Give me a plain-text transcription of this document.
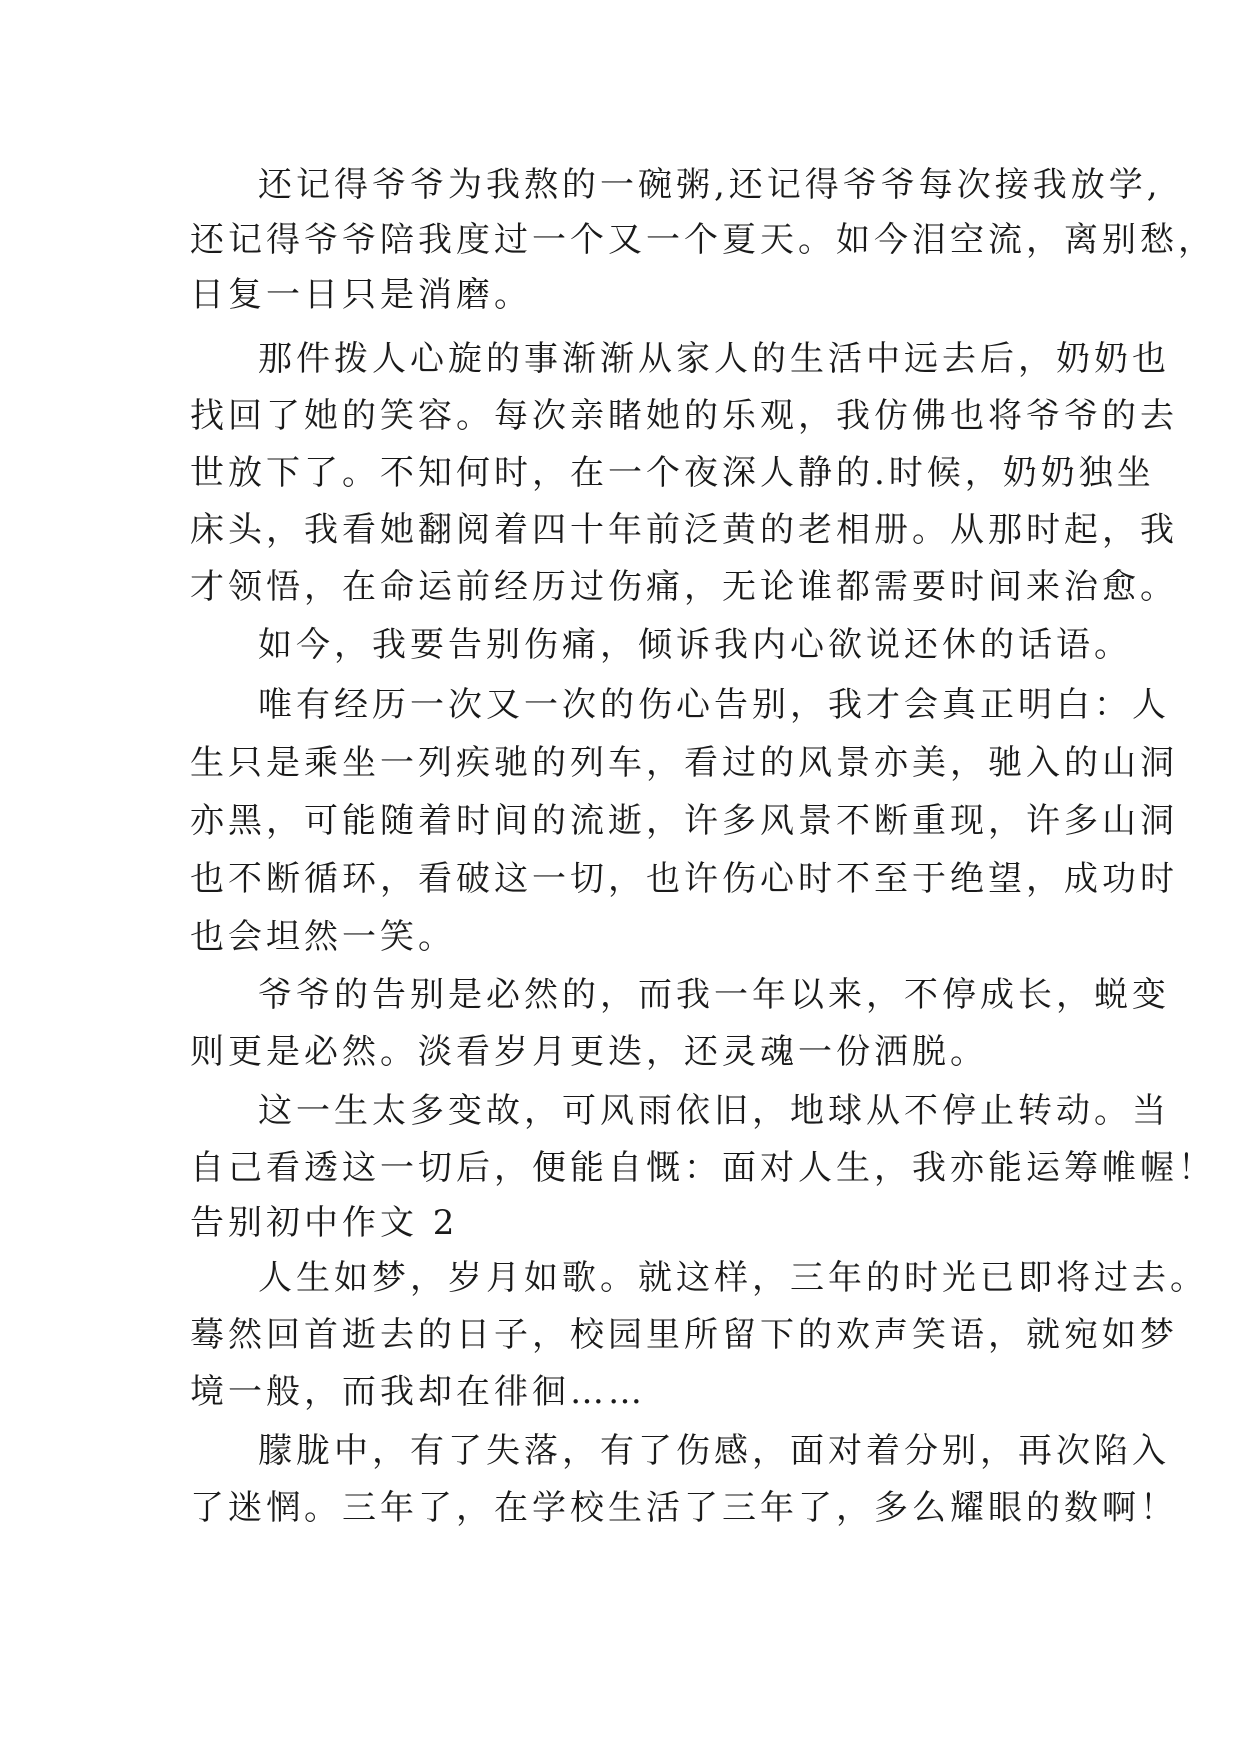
还记得爷爷为我熬的一碗粥,还记得爷爷每次接我放学,
还记得爷爷陪我度过一个又一个夏天。如今泪空流，离别愁，
日复一日只是消磨。
那件拨人心旋的事渐渐从家人的生活中远去后，奶奶也
找回了她的笑容。每次亲睹她的乐观，我仿佛也将爷爷的去
世放下了。不知何时，在一个夜深人静的.时候，奶奶独坐
床头，我看她翻阅着四十年前泛黄的老相册。从那时起，我
才领悟，在命运前经历过伤痛，无论谁都需要时间来治愈。
如今，我要告别伤痛，倾诉我内心欲说还休的话语。
唯有经历一次又一次的伤心告别，我才会真正明白：人
生只是乘坐一列疾驰的列车，看过的风景亦美，驰入的山洞
亦黑，可能随着时间的流逝，许多风景不断重现，许多山洞
也不断循环，看破这一切，也许伤心时不至于绝望，成功时
也会坦然一笑。
爷爷的告别是必然的，而我一年以来，不停成长，蜕变
则更是必然。淡看岁月更迭，还灵魂一份洒脱。
这一生太多变故，可风雨依旧，地球从不停止转动。当
自己看透这一切后，便能自慨：面对人生，我亦能运筹帷幄！
告别初中作文 2
人生如梦，岁月如歌。就这样，三年的时光已即将过去。
蓦然回首逝去的日子，校园里所留下的欢声笑语，就宛如梦
境一般，而我却在徘徊……
朦胧中，有了失落，有了伤感，面对着分别，再次陷入
了迷惘。三年了，在学校生活了三年了，多么耀眼的数啊！
